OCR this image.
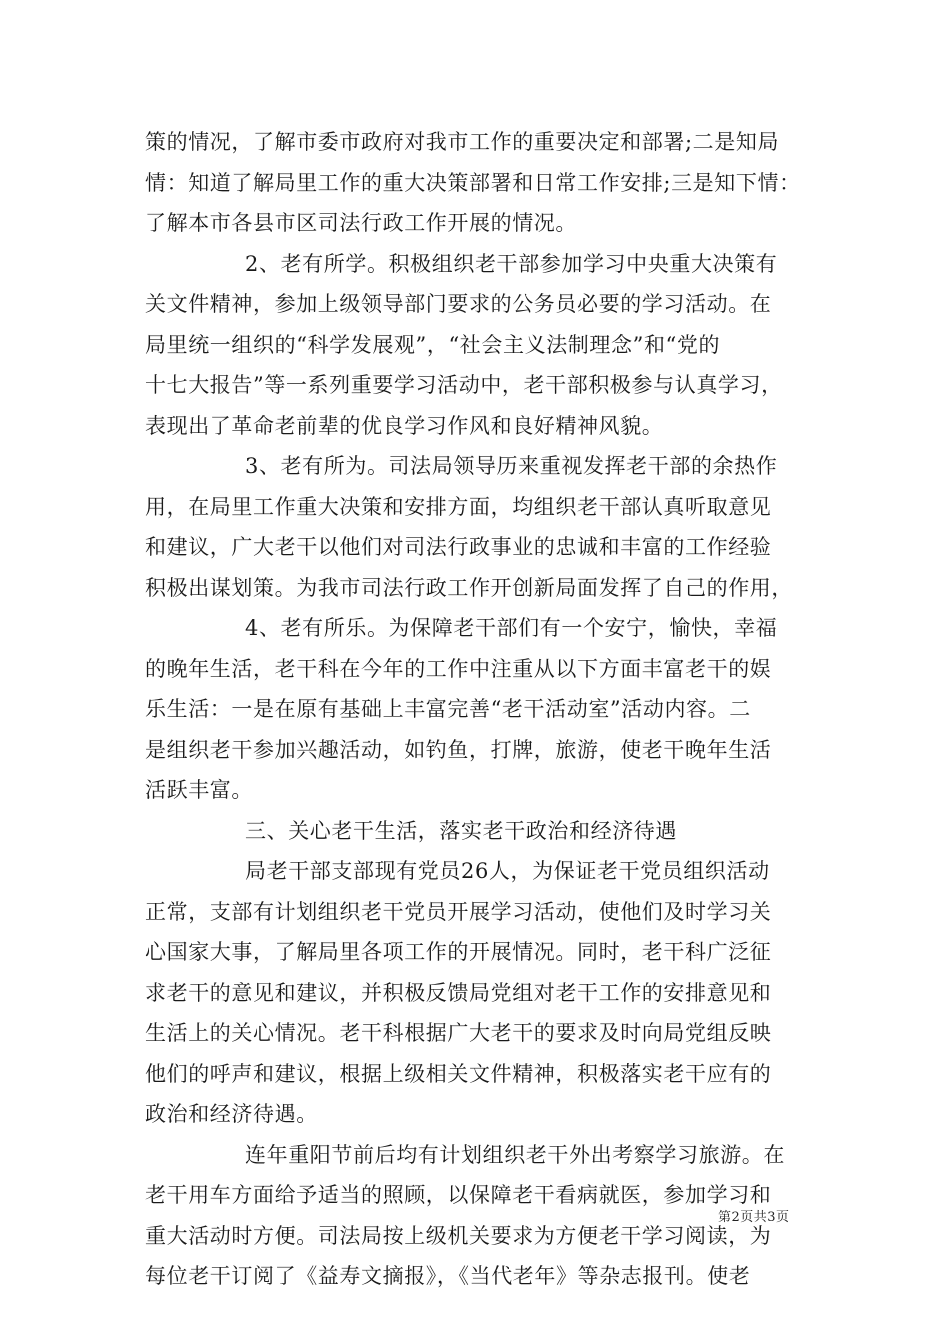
策的情况，了解市委市政府对我市工作的重要决定和部署;二是知局
情：知道了解局里工作的重大决策部署和日常工作安排;三是知下情：
了解本市各县市区司法行政工作开展的情况。
2、老有所学。积极组织老干部参加学习中央重大决策有
关文件精神，参加上级领导部门要求的公务员必要的学习活动。在
局里统一组织的“科学发展观”，“社会主义法制理念”和“党的
十七大报告”等一系列重要学习活动中，老干部积极参与认真学习，
表现出了革命老前辈的优良学习作风和良好精神风貌。
3、老有所为。司法局领导历来重视发挥老干部的余热作
用，在局里工作重大决策和安排方面，均组织老干部认真听取意见
和建议，广大老干以他们对司法行政事业的忠诚和丰富的工作经验
积极出谋划策。为我市司法行政工作开创新局面发挥了自己的作用，
4、老有所乐。为保障老干部们有一个安宁，愉快，幸福
的晚年生活，老干科在今年的工作中注重从以下方面丰富老干的娱
乐生活：一是在原有基础上丰富完善“老干活动室”活动内容。二
是组织老干参加兴趣活动，如钓鱼，打牌，旅游，使老干晚年生活
活跃丰富。
三、关心老干生活，落实老干政治和经济待遇
局老干部支部现有党员26人，为保证老干党员组织活动
正常，支部有计划组织老干党员开展学习活动，使他们及时学习关
心国家大事，了解局里各项工作的开展情况。同时，老干科广泛征
求老干的意见和建议，并积极反馈局党组对老干工作的安排意见和
生活上的关心情况。老干科根据广大老干的要求及时向局党组反映
他们的呼声和建议，根据上级相关文件精神，积极落实老干应有的
政治和经济待遇。
连年重阳节前后均有计划组织老干外出考察学习旅游。在
老干用车方面给予适当的照顾，以保障老干看病就医，参加学习和
重大活动时方便。司法局按上级机关要求为方便老干学习阅读，为
每位老干订阅了《益寿文摘报》，《当代老年》等杂志报刊。使老
第2页共3页
